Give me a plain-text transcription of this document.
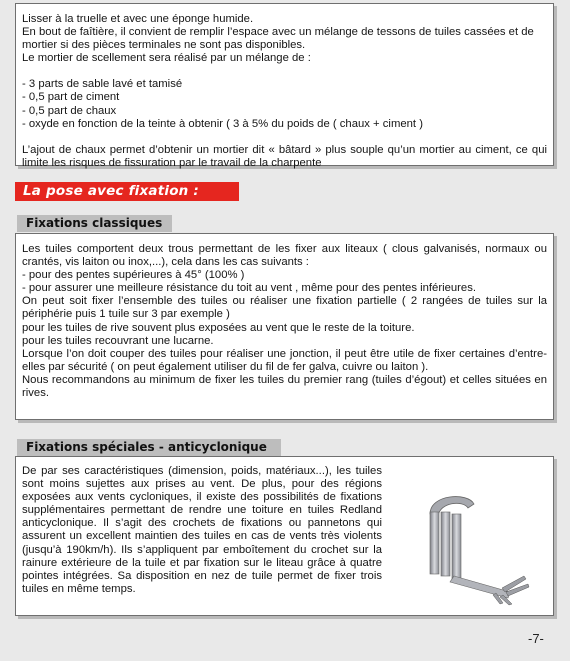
Lisser à la truelle et avec une éponge humide.

En bout de faîtière, il convient de remplir l’espace avec un mélange de tessons de tuiles cassées et de mortier si des pièces terminales ne sont pas disponibles.

Le mortier de scellement sera réalisé par un mélange de :

- 3 parts de sable lavé et tamisé

- 0,5 part de ciment

- 0,5 part de chaux

- oxyde en fonction de la teinte à obtenir ( 3 à 5% du poids de ( chaux + ciment )

L’ajout de chaux permet d’obtenir un mortier dit « bâtard » plus souple qu’un mortier au ciment, ce qui limite les risques de fissuration par le travail de la charpente

La pose avec fixation :
Fixations classiques

Les tuiles comportent deux trous permettant de les fixer aux liteaux ( clous galvanisés, normaux ou crantés, vis laiton ou inox,...), cela dans les cas suivants :

- pour des pentes supérieures à 45° (100% )

- pour assurer une meilleure résistance du toit au vent , même pour des pentes inférieures.

On peut soit fixer l’ensemble des tuiles ou réaliser une fixation partielle ( 2 rangées de tuiles sur la périphérie puis 1 tuile sur 3 par exemple )

pour les tuiles de rive souvent plus exposées au vent que le reste de la toiture.

pour les tuiles recouvrant une lucarne.

Lorsque l’on doit couper des tuiles pour réaliser une jonction, il peut être utile de fixer certaines d’entre-elles par sécurité ( on peut également utiliser du fil de fer galva, cuivre ou laiton ).

Nous recommandons au minimum de fixer les tuiles du premier rang (tuiles d’égout) et celles situées en rives.

Fixations spéciales - anticyclonique

De par ses caractéristiques (dimension, poids, matériaux...), les tuiles sont moins sujettes aux prises au vent. De plus, pour des régions exposées aux vents cycloniques, il existe des possibilités de fixations supplémentaires permettant de rendre une toiture en tuiles Redland anticyclonique. Il s’agit des crochets de fixations ou pannetons qui assurent un excellent maintien des tuiles en cas de vents très violents (jusqu’à 190km/h). Ils s’appliquent par emboîtement du crochet sur la rainure extérieure de la tuile et par fixation sur le liteau grâce à quatre pointes intégrées. Sa disposition en nez de tuile permet de fixer trois tuiles en même temps.

-7-
